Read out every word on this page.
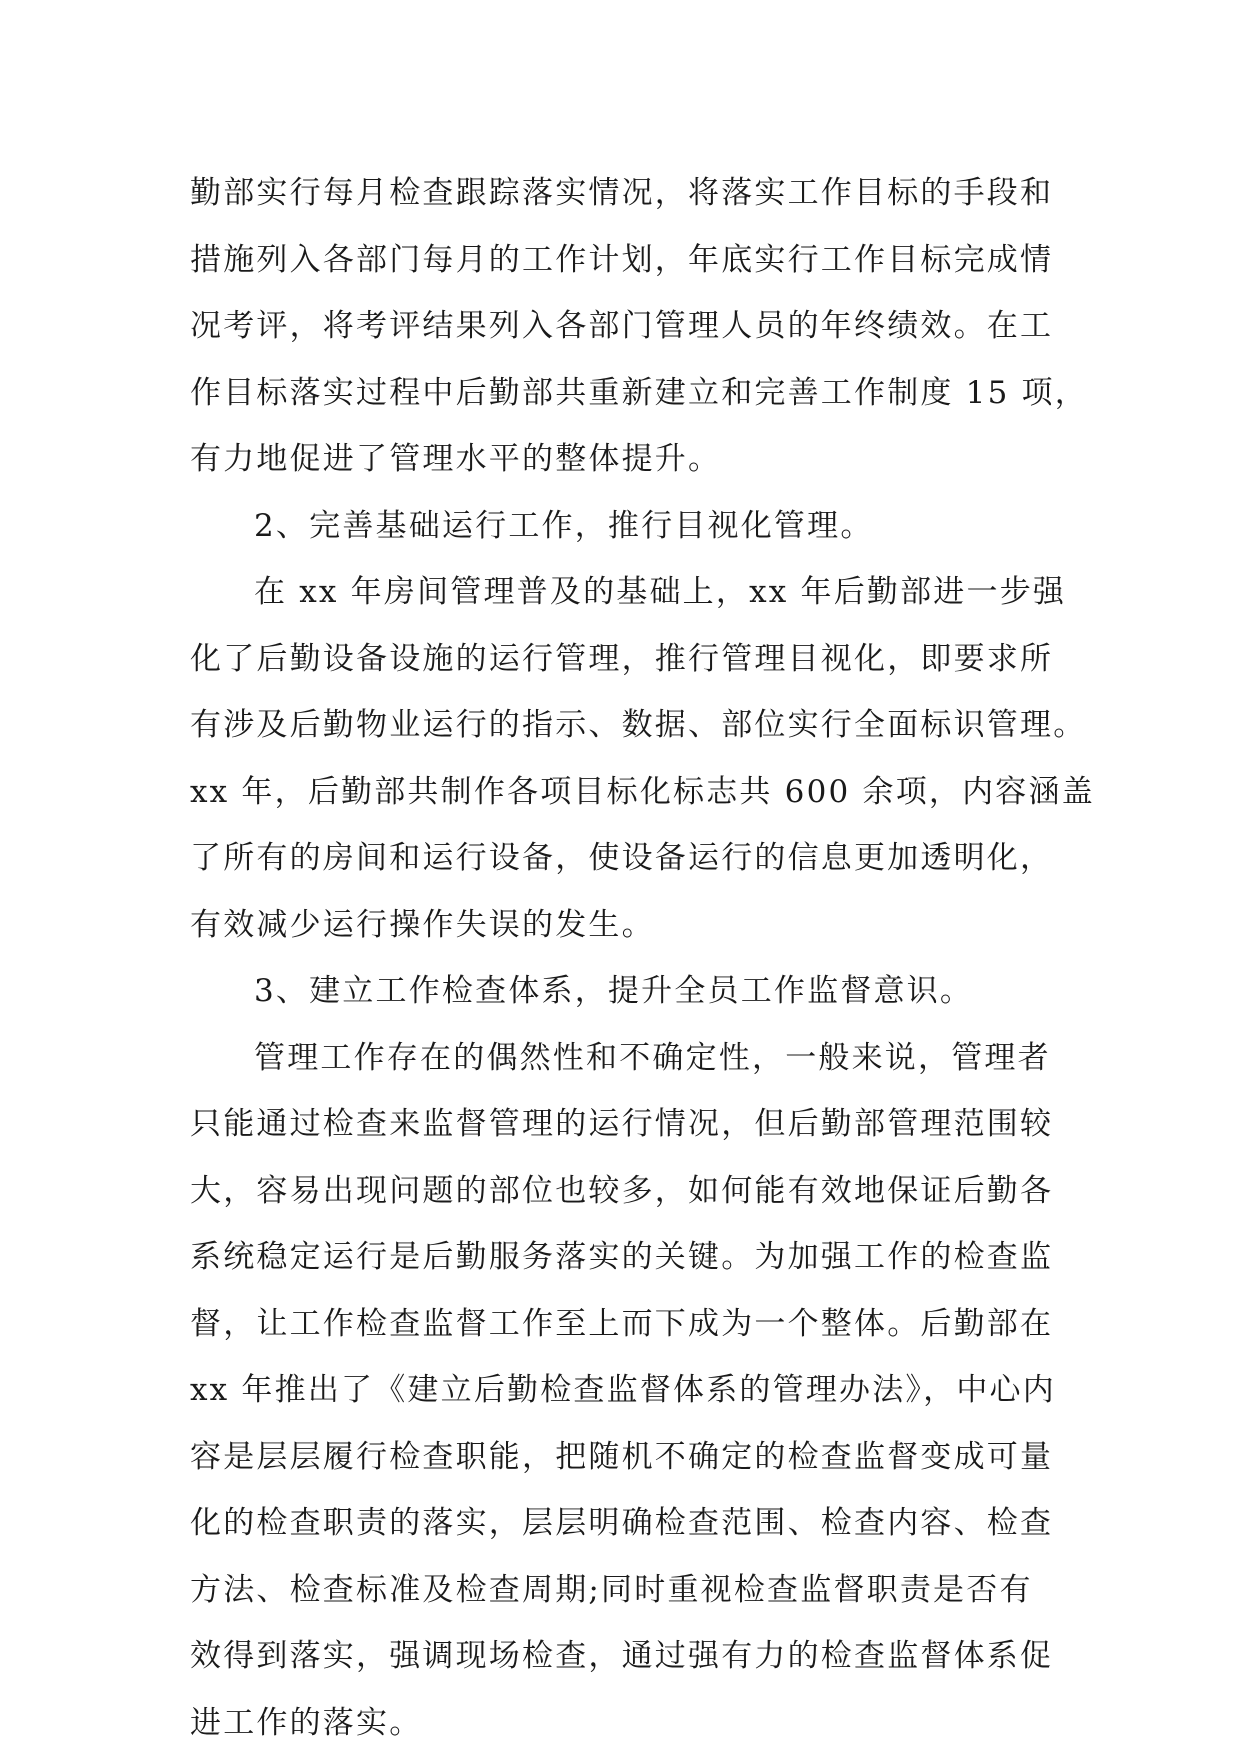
勤部实行每月检查跟踪落实情况，将落实工作目标的手段和
措施列入各部门每月的工作计划，年底实行工作目标完成情
况考评，将考评结果列入各部门管理人员的年终绩效。在工
作目标落实过程中后勤部共重新建立和完善工作制度 15 项，
有力地促进了管理水平的整体提升。
2、完善基础运行工作，推行目视化管理。
在 xx 年房间管理普及的基础上，xx 年后勤部进一步强
化了后勤设备设施的运行管理，推行管理目视化，即要求所
有涉及后勤物业运行的指示、数据、部位实行全面标识管理。
xx 年，后勤部共制作各项目标化标志共 600 余项，内容涵盖
了所有的房间和运行设备，使设备运行的信息更加透明化，
有效减少运行操作失误的发生。
3、建立工作检查体系，提升全员工作监督意识。
管理工作存在的偶然性和不确定性，一般来说，管理者
只能通过检查来监督管理的运行情况，但后勤部管理范围较
大，容易出现问题的部位也较多，如何能有效地保证后勤各
系统稳定运行是后勤服务落实的关键。为加强工作的检查监
督，让工作检查监督工作至上而下成为一个整体。后勤部在
xx 年推出了《建立后勤检查监督体系的管理办法》，中心内
容是层层履行检查职能，把随机不确定的检查监督变成可量
化的检查职责的落实，层层明确检查范围、检查内容、检查
方法、检查标准及检查周期;同时重视检查监督职责是否有
效得到落实，强调现场检查，通过强有力的检查监督体系促
进工作的落实。
